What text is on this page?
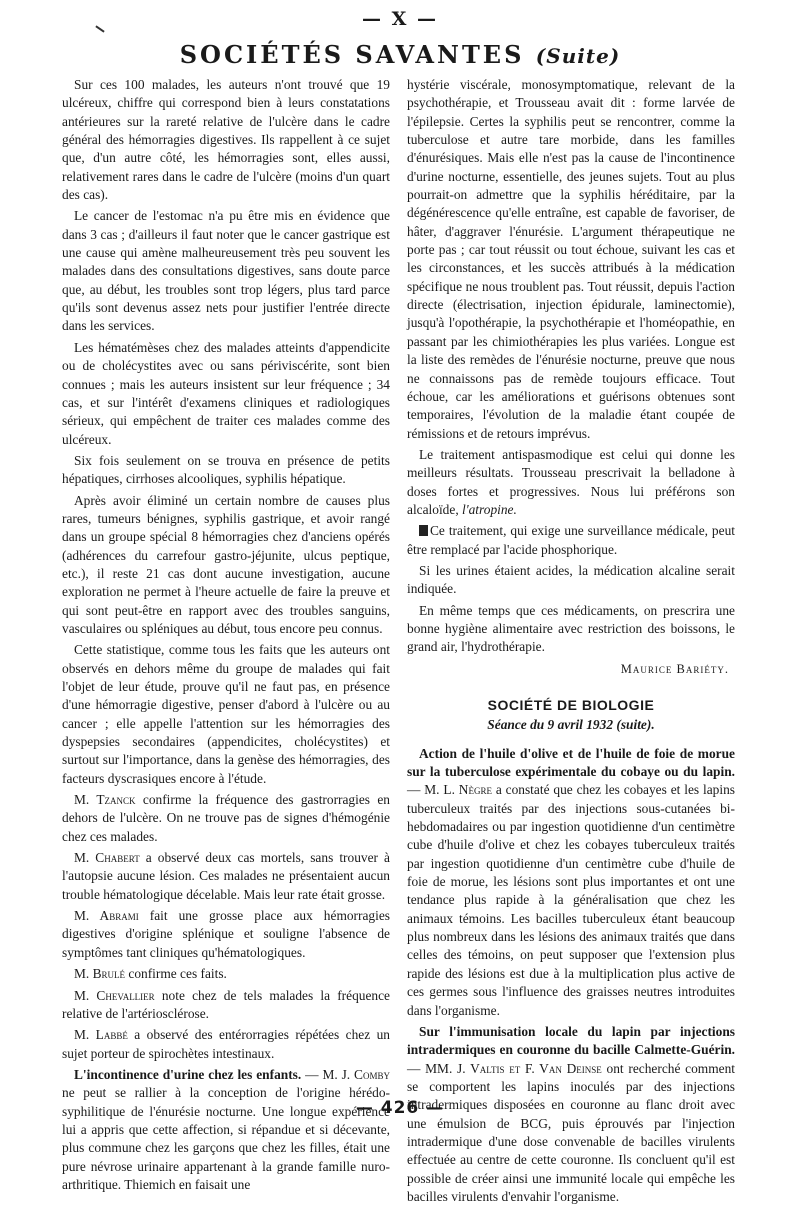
— X —
SOCIÉTÉS SAVANTES (Suite)

Sur ces 100 malades, les auteurs n'ont trouvé que 19 ulcéreux, chiffre qui correspond bien à leurs constatations antérieures sur la rareté relative de l'ulcère dans le cadre général des hémorragies digestives. Ils rappellent à ce sujet que, d'un autre côté, les hémorragies sont, elles aussi, relativement rares dans le cadre de l'ulcère (moins d'un quart des cas).

Le cancer de l'estomac n'a pu être mis en évidence que dans 3 cas ; d'ailleurs il faut noter que le cancer gastrique est une cause qui amène malheureusement très peu souvent les malades dans des consultations digestives, sans doute parce que, au début, les troubles sont trop légers, plus tard parce qu'ils sont devenus assez nets pour justifier l'entrée directe dans les services.

Les hématémèses chez des malades atteints d'appendicite ou de cholécystites avec ou sans périviscérite, sont bien connues ; mais les auteurs insistent sur leur fréquence ; 34 cas, et sur l'intérêt d'examens cliniques et radiologiques sérieux, qui empêchent de traiter ces malades comme des ulcéreux.

Six fois seulement on se trouva en présence de petits hépatiques, cirrhoses alcooliques, syphilis hépatique.

Après avoir éliminé un certain nombre de causes plus rares, tumeurs bénignes, syphilis gastrique, et avoir rangé dans un groupe spécial 8 hémorragies chez d'anciens opérés (adhérences du carrefour gastro-jéjunite, ulcus peptique, etc.), il reste 21 cas dont aucune investigation, aucune exploration ne permet à l'heure actuelle de faire la preuve et qui sont peut-être en rapport avec des troubles sanguins, vasculaires ou spléniques au début, tous encore peu connus.

Cette statistique, comme tous les faits que les auteurs ont observés en dehors même du groupe de malades qui fait l'objet de leur étude, prouve qu'il ne faut pas, en présence d'une hémorragie digestive, penser d'abord à l'ulcère ou au cancer ; elle appelle l'attention sur les hémorragies des dyspepsies secondaires (appendicites, cholécystites) et surtout sur l'importance, dans la genèse des hémorragies, des facteurs dyscrasiques encore à l'étude.

M. Tzanck confirme la fréquence des gastrorragies en dehors de l'ulcère. On ne trouve pas de signes d'hémogénie chez ces malades.

M. Chabert a observé deux cas mortels, sans trouver à l'autopsie aucune lésion. Ces malades ne présentaient aucun trouble hématologique décelable. Mais leur rate était grosse.

M. Abrami fait une grosse place aux hémorragies digestives d'origine splénique et souligne l'absence de symptômes tant cliniques qu'hématologiques.

M. Brulé confirme ces faits.

M. Chevallier note chez de tels malades la fréquence relative de l'artériosclérose.

M. Labbé a observé des entérorragies répétées chez un sujet porteur de spirochètes intestinaux.

L'incontinence d'urine chez les enfants. — M. J. Comby ne peut se rallier à la conception de l'origine hérédo-syphilitique de l'énurésie nocturne. Une longue expérience lui a appris que cette affection, si répandue et si décevante, plus commune chez les garçons que chez les filles, était une pure névrose urinaire appartenant à la grande famille nuro-arthritique. Thiemich en faisait une

hystérie viscérale, monosymptomatique, relevant de la psychothérapie, et Trousseau avait dit : forme larvée de l'épilepsie. Certes la syphilis peut se rencontrer, comme la tuberculose et autre tare morbide, dans les familles d'énurésiques. Mais elle n'est pas la cause de l'incontinence d'urine nocturne, essentielle, des jeunes sujets. Tout au plus pourrait-on admettre que la syphilis héréditaire, par la dégénérescence qu'elle entraîne, est capable de favoriser, de hâter, d'aggraver l'énurésie. L'argument thérapeutique ne porte pas ; car tout réussit ou tout échoue, suivant les cas et les circonstances, et les succès attribués à la médication spécifique ne nous troublent pas. Tout réussit, depuis l'action directe (électrisation, injection épidurale, laminectomie), jusqu'à l'opothérapie, la psychothérapie et l'homéopathie, en passant par les chimiothérapies les plus variées. Longue est la liste des remèdes de l'énurésie nocturne, preuve que nous ne connaissons pas de remède toujours efficace. Tout échoue, car les améliorations et guérisons obtenues sont temporaires, l'évolution de la maladie étant coupée de rémissions et de retours imprévus.

Le traitement antispasmodique est celui qui donne les meilleurs résultats. Trousseau prescrivait la belladone à doses fortes et progressives. Nous lui préférons son alcaloïde, l'atropine.

Ce traitement, qui exige une surveillance médicale, peut être remplacé par l'acide phosphorique.

Si les urines étaient acides, la médication alcaline serait indiquée.

En même temps que ces médicaments, on prescrira une bonne hygiène alimentaire avec restriction des boissons, le grand air, l'hydrothérapie.

Maurice Bariéty.
SOCIÉTÉ DE BIOLOGIE
Séance du 9 avril 1932 (suite).

Action de l'huile d'olive et de l'huile de foie de morue sur la tuberculose expérimentale du cobaye ou du lapin. — M. L. Nègre a constaté que chez les cobayes et les lapins tuberculeux traités par des injections sous-cutanées bi-hebdomadaires ou par ingestion quotidienne d'un centimètre cube d'huile d'olive et chez les cobayes tuberculeux traités par ingestion quotidienne d'un centimètre cube d'huile de foie de morue, les lésions sont plus importantes et ont une tendance plus rapide à la généralisation que chez les animaux témoins. Les bacilles tuberculeux étant beaucoup plus nombreux dans les lésions des animaux traités que dans celles des témoins, on peut supposer que l'extension plus rapide des lésions est due à la multiplication plus active de ces germes sous l'influence des graisses neutres introduites dans l'organisme.

Sur l'immunisation locale du lapin par injections intradermiques en couronne du bacille Calmette-Guérin. — MM. J. Valtis et F. Van Deinse ont recherché comment se comportent les lapins inoculés par des injections intradermiques disposées en couronne au flanc droit avec une émulsion de BCG, puis éprouvés par l'injection intradermique d'une dose convenable de bacilles virulents effectuée au centre de cette couronne. Ils concluent qu'il est possible de créer ainsi une immunité locale qui empêche les bacilles virulents d'envahir l'organisme.

— 426 —
